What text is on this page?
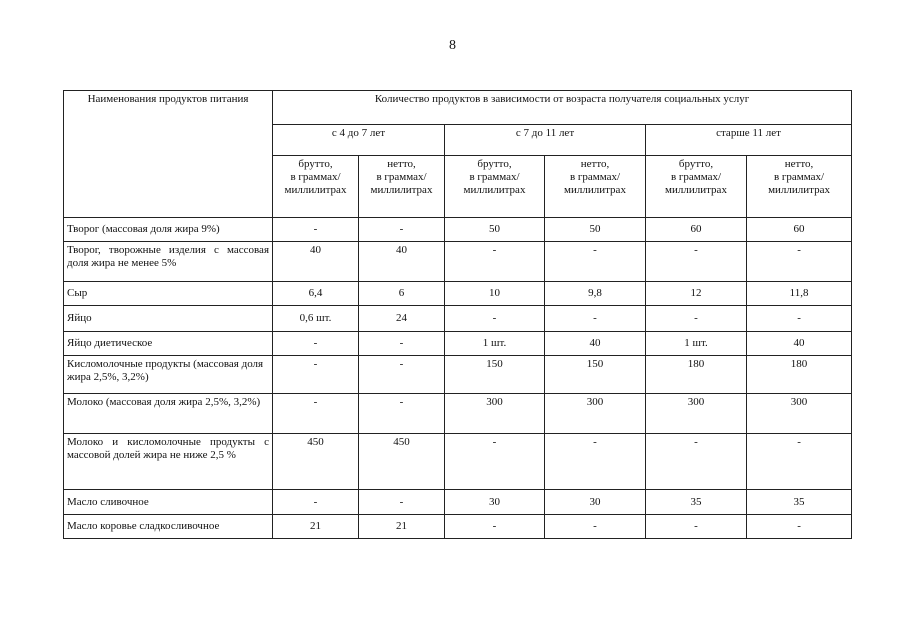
8
Наименования продуктов питания	Количество продуктов в зависимости от возраста получателя социальных услуг					
	с 4 до 7 лет		с 7 до 11 лет		старше 11 лет	
	брутто,
в граммах/
миллилитрах	нетто,
в граммах/
миллилитрах	брутто,
в граммах/
миллилитрах	нетто,
в граммах/
миллилитрах	брутто,
в граммах/
миллилитрах	нетто,
в граммах/
миллилитрах
Творог (массовая доля жира 9%)	-	-	50	50	60	60
Творог, творожные изделия с массовая доля жира не менее 5%	40	40	-	-	-	-
Сыр	6,4	6	10	9,8	12	11,8
Яйцо	0,6 шт.	24	-	-	-	-
Яйцо диетическое	-	-	1 шт.	40	1 шт.	40
Кисломолочные продукты (массовая доля жира 2,5%, 3,2%)	-	-	150	150	180	180
Молоко (массовая доля жира 2,5%, 3,2%)	-	-	300	300	300	300
Молоко и кисломолочные продукты с массовой долей жира не ниже 2,5 %	450	450	-	-	-	-
Масло сливочное	-	-	30	30	35	35
Масло коровье сладкосливочное	21	21	-	-	-	-
